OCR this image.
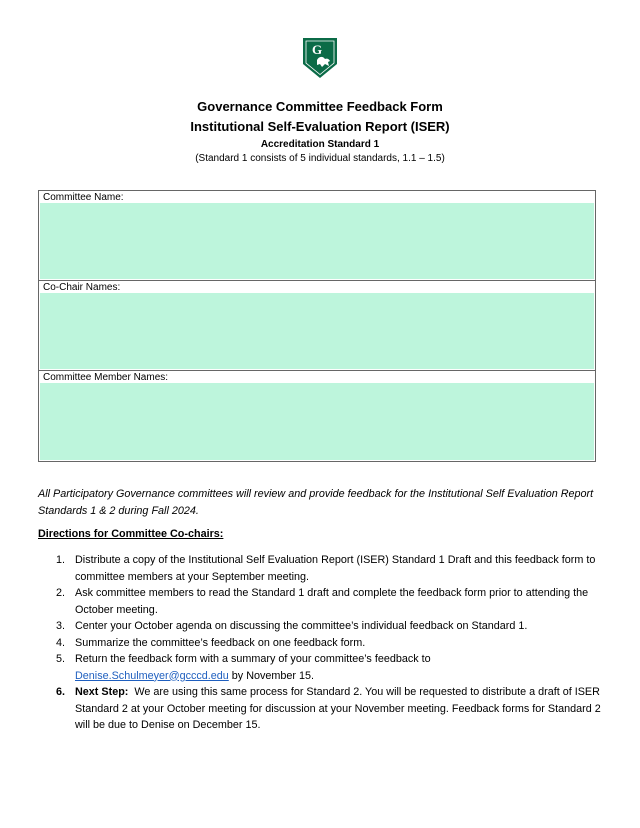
G
Governance Committee Feedback Form
Institutional Self-Evaluation Report (ISER)
Accreditation Standard 1
(Standard 1 consists of 5 individual standards, 1.1 – 1.5)
Committee Name:
Co-Chair Names:
Committee Member Names:
All Participatory Governance committees will review and provide feedback for the Institutional Self Evaluation Report Standards 1 & 2 during Fall 2024.
Directions for Committee Co-chairs:
1. Distribute a copy of the Institutional Self Evaluation Report (ISER) Standard 1 Draft and this feedback form to committee members at your September meeting.
2. Ask committee members to read the Standard 1 draft and complete the feedback form prior to attending the October meeting.
3. Center your October agenda on discussing the committee’s individual feedback on Standard 1.
4. Summarize the committee’s feedback on one feedback form.
5. Return the feedback form with a summary of your committee’s feedback to
Denise.Schulmeyer@gcccd.edu by November 15.
6. Next Step: We are using this same process for Standard 2. You will be requested to distribute a draft of ISER Standard 2 at your October meeting for discussion at your November meeting. Feedback forms for Standard 2 will be due to Denise on December 15.
